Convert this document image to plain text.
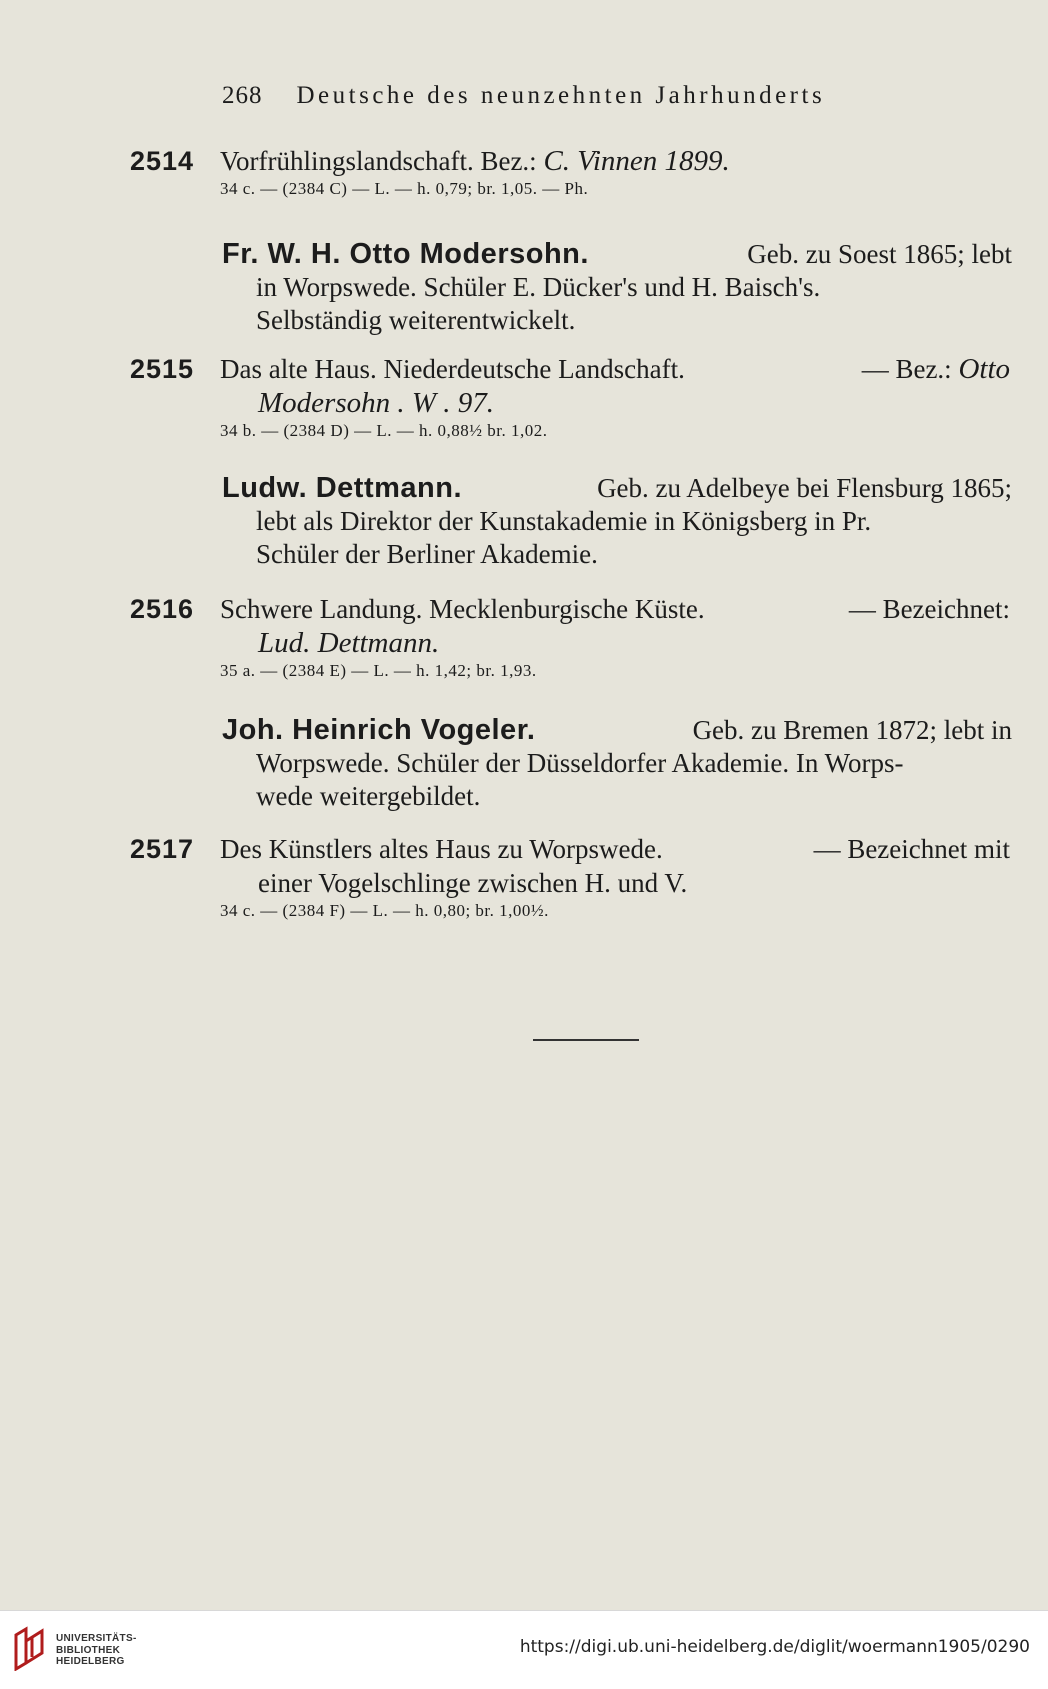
268 Deutsche des neunzehnten Jahrhunderts
2514 Vorfrühlingslandschaft. Bez.: C. Vinnen 1899.
34 c. — (2384 C) — L. — h. 0,79; br. 1,05. — Ph.
Fr. W. H. Otto Modersohn.	Geb. zu Soest 1865; lebt
in Worpswede. Schüler E. Dücker's und H. Baisch's.
Selbständig weiterentwickelt.
2515 Das alte Haus. Niederdeutsche Landschaft.	— Bez.: Otto
Modersohn . W . 97.
34 b. — (2384 D) — L. — h. 0,88½ br. 1,02.
Ludw. Dettmann.	Geb. zu Adelbeye bei Flensburg 1865;
lebt als Direktor der Kunstakademie in Königsberg in Pr.
Schüler der Berliner Akademie.
2516 Schwere Landung. Mecklenburgische Küste.	— Bezeichnet:
Lud. Dettmann.
35 a. — (2384 E) — L. — h. 1,42; br. 1,93.
Joh. Heinrich Vogeler.	Geb. zu Bremen 1872; lebt in
Worpswede. Schüler der Düsseldorfer Akademie. In Worps-
wede weitergebildet.
2517 Des Künstlers altes Haus zu Worpswede.	— Bezeichnet mit
einer Vogelschlinge zwischen H. und V.
34 c. — (2384 F) — L. — h. 0,80; br. 1,00½.
UNIVERSITÄTS-
BIBLIOTHEK
HEIDELBERG
https://digi.ub.uni-heidelberg.de/diglit/woermann1905/0290
